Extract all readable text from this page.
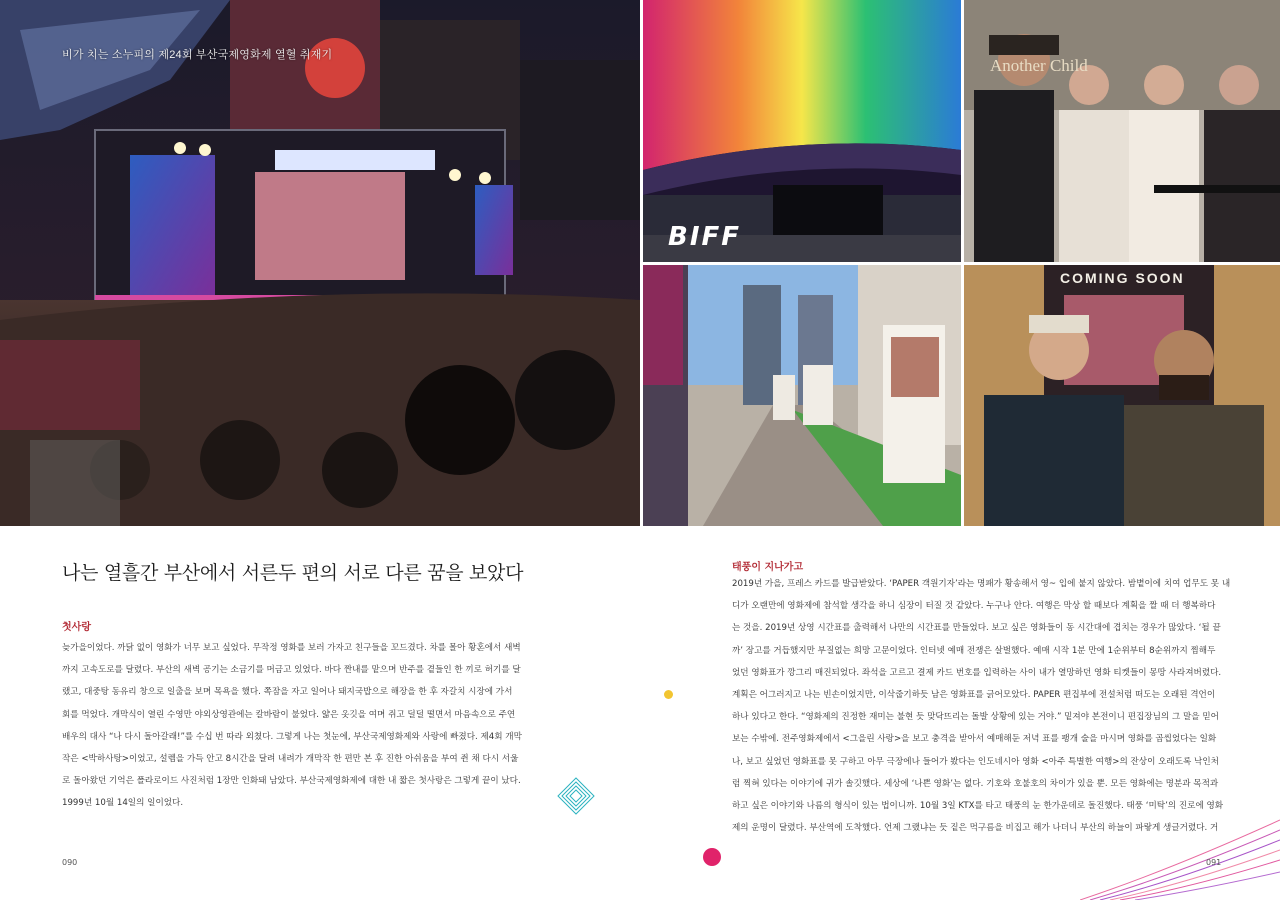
비가 치는 소누피의 제24회 부산국제영화제 열혈 취재기
BIFF
Another Child
COMING SOON
나는 열흘간 부산에서 서른두 편의 서로 다른 꿈을 보았다
첫사랑
늦가을이었다. 까닭 없이 영화가 너무 보고 싶었다. 무작정 영화를 보러 가자고 친구들을 꼬드겼다. 차를 몰아 황혼에서 새벽
까지 고속도로를 달렸다. 부산의 새벽 공기는 소금기를 머금고 있었다. 바다 짠내를 맡으며 반주를 곁들인 한 끼로 허기를 달
랬고, 대중탕 동유리 창으로 일출을 보며 목욕을 했다. 쪽잠을 자고 일어나 돼지국밥으로 해장을 한 후 자갈치 시장에 가서
회를 먹었다. 개막식이 열린 수영만 야외상영관에는 칼바람이 불었다. 얇은 옷깃을 여며 쥐고 덜덜 떨면서 마음속으로 주연
배우의 대사 “나 다시 돌아갈래!”를 수십 번 따라 외쳤다. 그렇게 나는 첫눈에, 부산국제영화제와 사랑에 빠졌다. 제4회 개막
작은 <박하사탕>이었고, 설렘을 가득 안고 8시간을 달려 내려가 개막작 한 편만 본 후 진한 아쉬움을 부여 쥔 채 다시 서울
로 돌아왔던 기억은 폴라로이드 사진처럼 1장만 인화돼 남았다. 부산국제영화제에 대한 내 짧은 첫사랑은 그렇게 끝이 났다.
1999년 10월 14일의 일이었다.
태풍이 지나가고
2019년 가을, 프레스 카드를 발급받았다. ‘PAPER 객원기자’라는 명패가 황송해서 영~ 입에 붙지 않았다. 밤볕이에 치여 업무도 못 내
디가 오랜만에 영화제에 참석할 생각을 하니 심장이 터질 것 같았다. 누구나 안다. 여행은 막상 할 때보다 계획을 짤 때 더 행복하다
는 것을. 2019년 상영 시간표를 출력해서 나만의 시간표를 만들었다. 보고 싶은 영화들이 동 시간대에 겹치는 경우가 많았다. ‘될 끝
까’ 장고를 거듭했지만 부질없는 희망 고문이었다. 인터넷 예매 전쟁은 살벌했다. 예매 시작 1분 만에 1순위부터 8순위까지 찜해두
었던 영화표가 깡그리 매진되었다. 좌석을 고르고 결제 카드 번호를 입력하는 사이 내가 열망하던 영화 티켓들이 몽땅 사라져버렸다.
계획은 어그러지고 나는 빈손이었지만, 이삭줍기하듯 남은 영화표를 긁어모았다. PAPER 편집부에 전설처럼 떠도는 오래된 격언이
하나 있다고 한다. “영화제의 진정한 재미는 불현 듯 맞닥뜨리는 돌발 상황에 있는 거야.” 밑져야 본전이니 편집장님의 그 말을 믿어
보는 수밖에. 전주영화제에서 <그을린 사랑>을 보고 충격을 받아서 예매해둔 저녁 표를 팽개 술을 마시며 영화를 곱씹었다는 일화
나, 보고 싶었던 영화표를 못 구하고 아무 극장에나 들어가 봤다는 인도네시아 영화 <아주 특별한 여행>의 잔상이 오래도록 낙인처
럼 찍혀 있다는 이야기에 귀가 솔깃했다. 세상에 ‘나쁜 영화’는 없다. 기호와 호불호의 차이가 있을 뿐. 모든 영화에는 명분과 목적과
하고 싶은 이야기와 나름의 형식이 있는 법이니까. 10월 3일 KTX를 타고 태풍의 눈 한가운데로 돌진했다. 태풍 ‘미탁’의 진로에 영화
제의 운명이 달렸다. 부산역에 도착했다. 언제 그랬냐는 듯 짙은 먹구름을 비집고 해가 나더니 부산의 하늘이 파랗게 생글거렸다. 거
090	091
